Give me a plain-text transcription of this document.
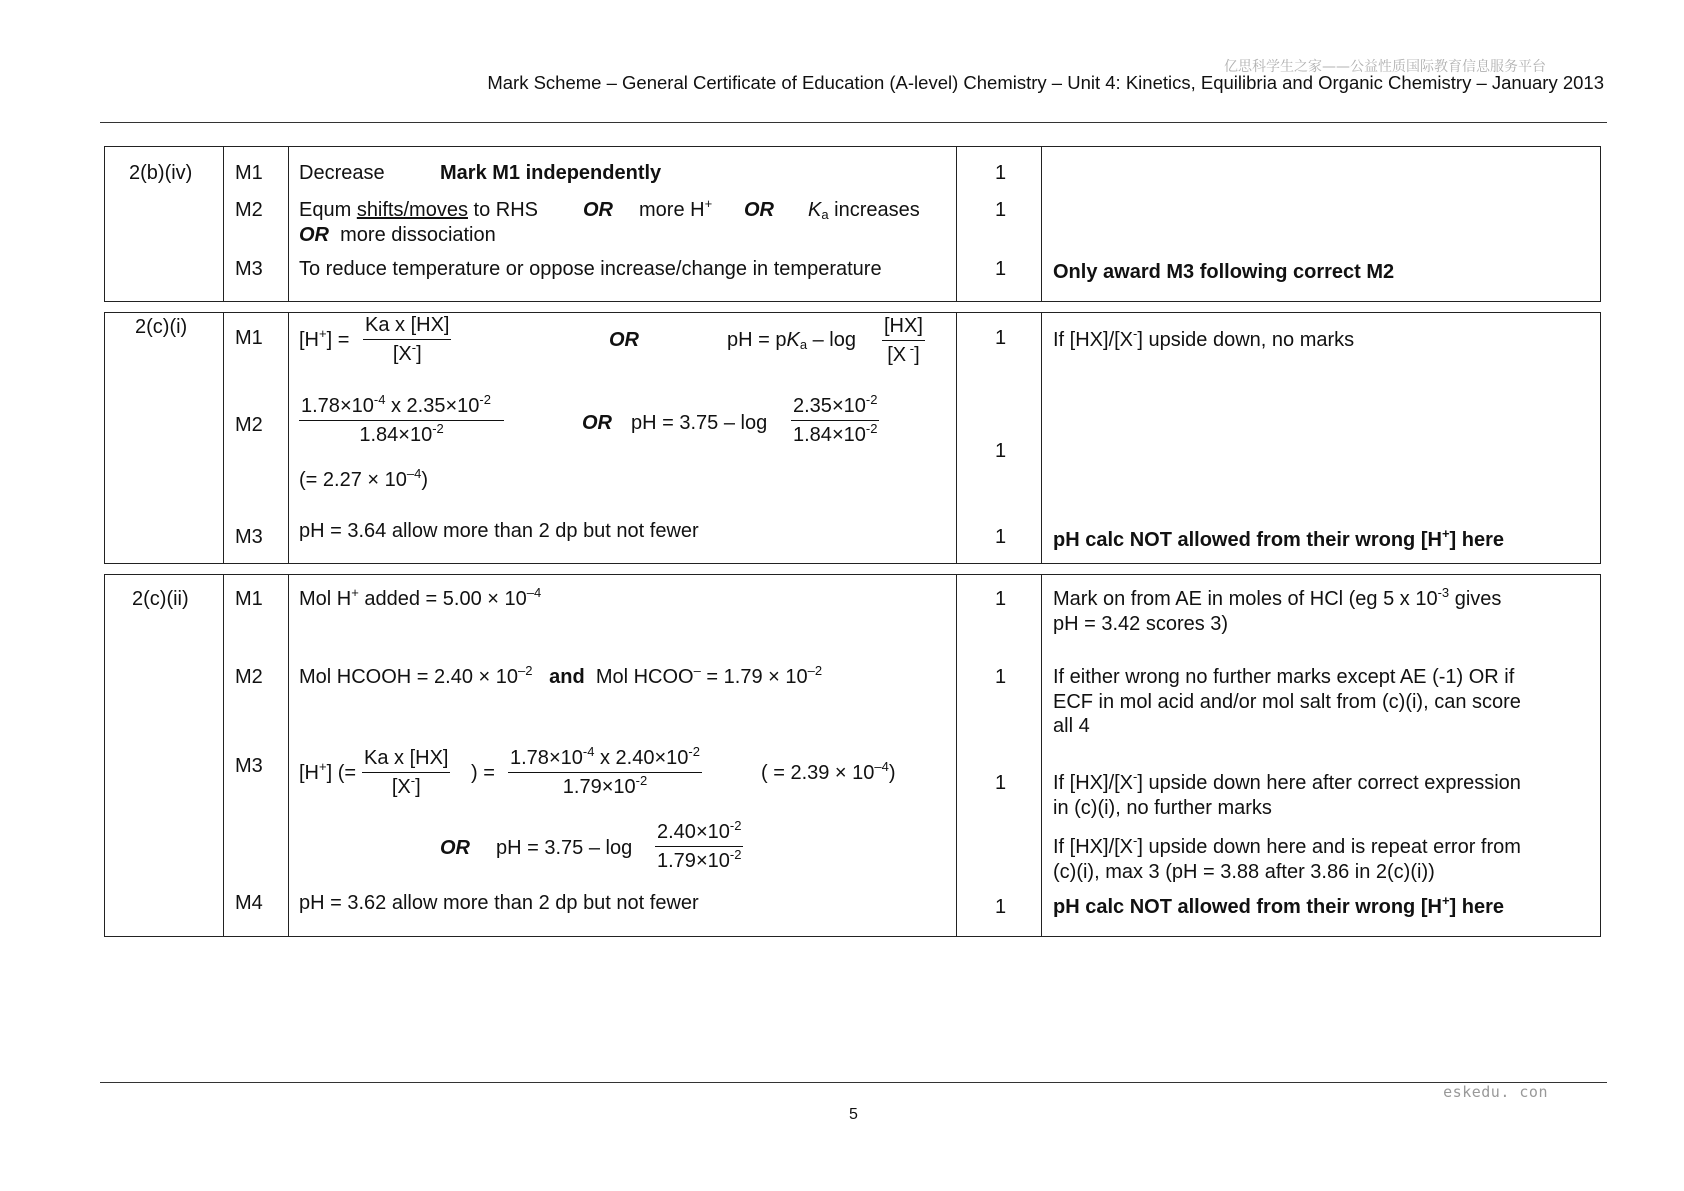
亿思科学生之家——公益性质国际教育信息服务平台
Mark Scheme – General Certificate of Education (A-level) Chemistry – Unit 4: Kinetics, Equilibria and Organic Chemistry – January 2013
2(b)(iv) M1 Decrease	Mark M1 independently	1
M2 Equm shifts/moves to RHS OR more H+ OR $K_a$ increases
OR more dissociation
1
M3 To reduce temperature or oppose increase/change in temperature	1 Only award M3 following correct M2
2(c)(i) M1 $[H^+] = \frac{\text{Ka x [HX]}}{[X^-]}$	OR	pH = $pK_a$ – $\log \frac{[HX]}{[X ^-]}$	1 If [HX]/[X-] upside down, no marks
$M2 \frac{1.78\times 10^{-4} x 2.35\times 10^{-2}}{1.84\times 10^{-2}}$	OR pH = $3.75 - \log \frac{2.35\times 10^{-2}}{1.84\times 10^{-2}}$
(= $2.27 \times 10^{-4}$)
1
M3 pH = 3.64 allow more than 2 dp but not fewer	1 pH calc NOT allowed from their wrong [H+] here
2(c)(ii) M1 Mol H+ added = $5.00 \times 10^{-4}$	1 Mark on from AE in moles of HCl (eg 5 x $10^{-3}$ gives
pH = 3.42 scores 3)
M2 Mol HCOOH = $2.40 \times 10^{-2}$ and Mol HCOO– = $1.79 \times 10^{-2}$	1 If either wrong no further marks except AE (-1) OR if
ECF in mol acid and/or mol salt from (c)(i), can score
all 4
M3 [H+] (= $\frac{\text{Ka x [HX]}}{[X^-]}$ ) = $\frac{1.78\times 10^{-4} x 2.40\times 10^{-2}}{1.79\times 10^{-2}}$	( = $2.39 \times 10^{-4}$)
OR pH = $3.75 - \log \frac{2.40\times 10^{-2}}{1.79\times 10^{-2}}$
1 If [HX]/[X-] upside down here after correct expression
in (c)(i), no further marks
If [HX]/[X-] upside down here and is repeat error from
(c)(i), max 3 (pH = 3.88 after 3.86 in 2(c)(i))
M4 pH = 3.62 allow more than 2 dp but not fewer	1 pH calc NOT allowed from their wrong [H+] here
eskedu. con
5
